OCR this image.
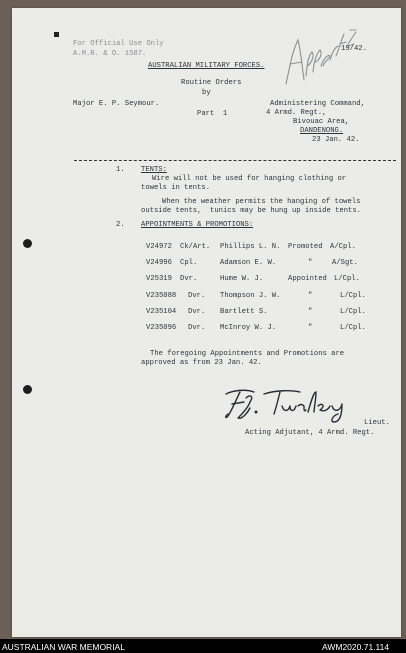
For Official Use Only
A.M.R. & O. 1587.
19/42.
AUSTRALIAN MILITARY FORCES.
Routine Orders
by
Major E. P. Seymour.
Part  1
Administering Command,
4 Armd. Regt.,
Bivouac Area,
DANDENONG.
23 Jan. 42.
1. TENTS:
Wire will not be used for hanging clothing or
towels in tents.
When the weather permits the hanging of towels
outside tents,  tunics may be hung up inside tents.
2. APPOINTMENTS & PROMOTIONS:
V24972 Ck/Art. Phillips L. N. Promoted A/Cpl.
V24996 Cpl.	Adamson E. W.	"	A/Sgt.
V25319 Dvr.	Hume W. J.	Appointed L/Cpl.
V235088 Dvr. Thompson J. W.	"	L/Cpl.
V235104 Dvr. Bartlett S.	"	L/Cpl.
V235096 Dvr. McInroy W. J.	"	L/Cpl.
The foregoing Appointments and Promotions are
approved as from 23 Jan. 42.
Lieut.
Acting Adjutant, 4 Armd. Regt.
AUSTRALIAN WAR MEMORIAL	AWM2020.71.114
